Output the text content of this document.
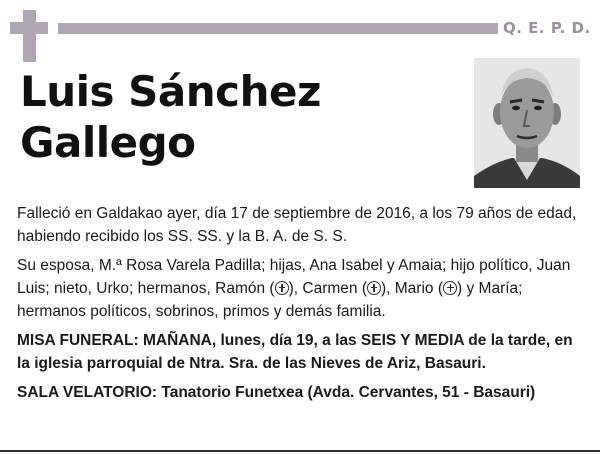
Q. E. P. D.
Luis Sánchez
Gallego

Falleció en Galdakao ayer, día 17 de septiembre de 2016, a los 79 años de edad, habiendo recibido los SS. SS. y la B. A. de S. S.

Su esposa, M.ª Rosa Varela Padilla; hijas, Ana Isabel y Amaia; hijo político, Juan Luis; nieto, Urko; hermanos, Ramón ( ), Carmen ( ), Mario ( ) y María; hermanos políticos, sobrinos, primos y demás familia.

MISA FUNERAL: MAÑANA, lunes, día 19, a las SEIS Y MEDIA de la tarde, en la iglesia parroquial de Ntra. Sra. de las Nieves de Ariz, Basauri.

SALA VELATORIO: Tanatorio Funetxea (Avda. Cervantes, 51 - Basauri)
